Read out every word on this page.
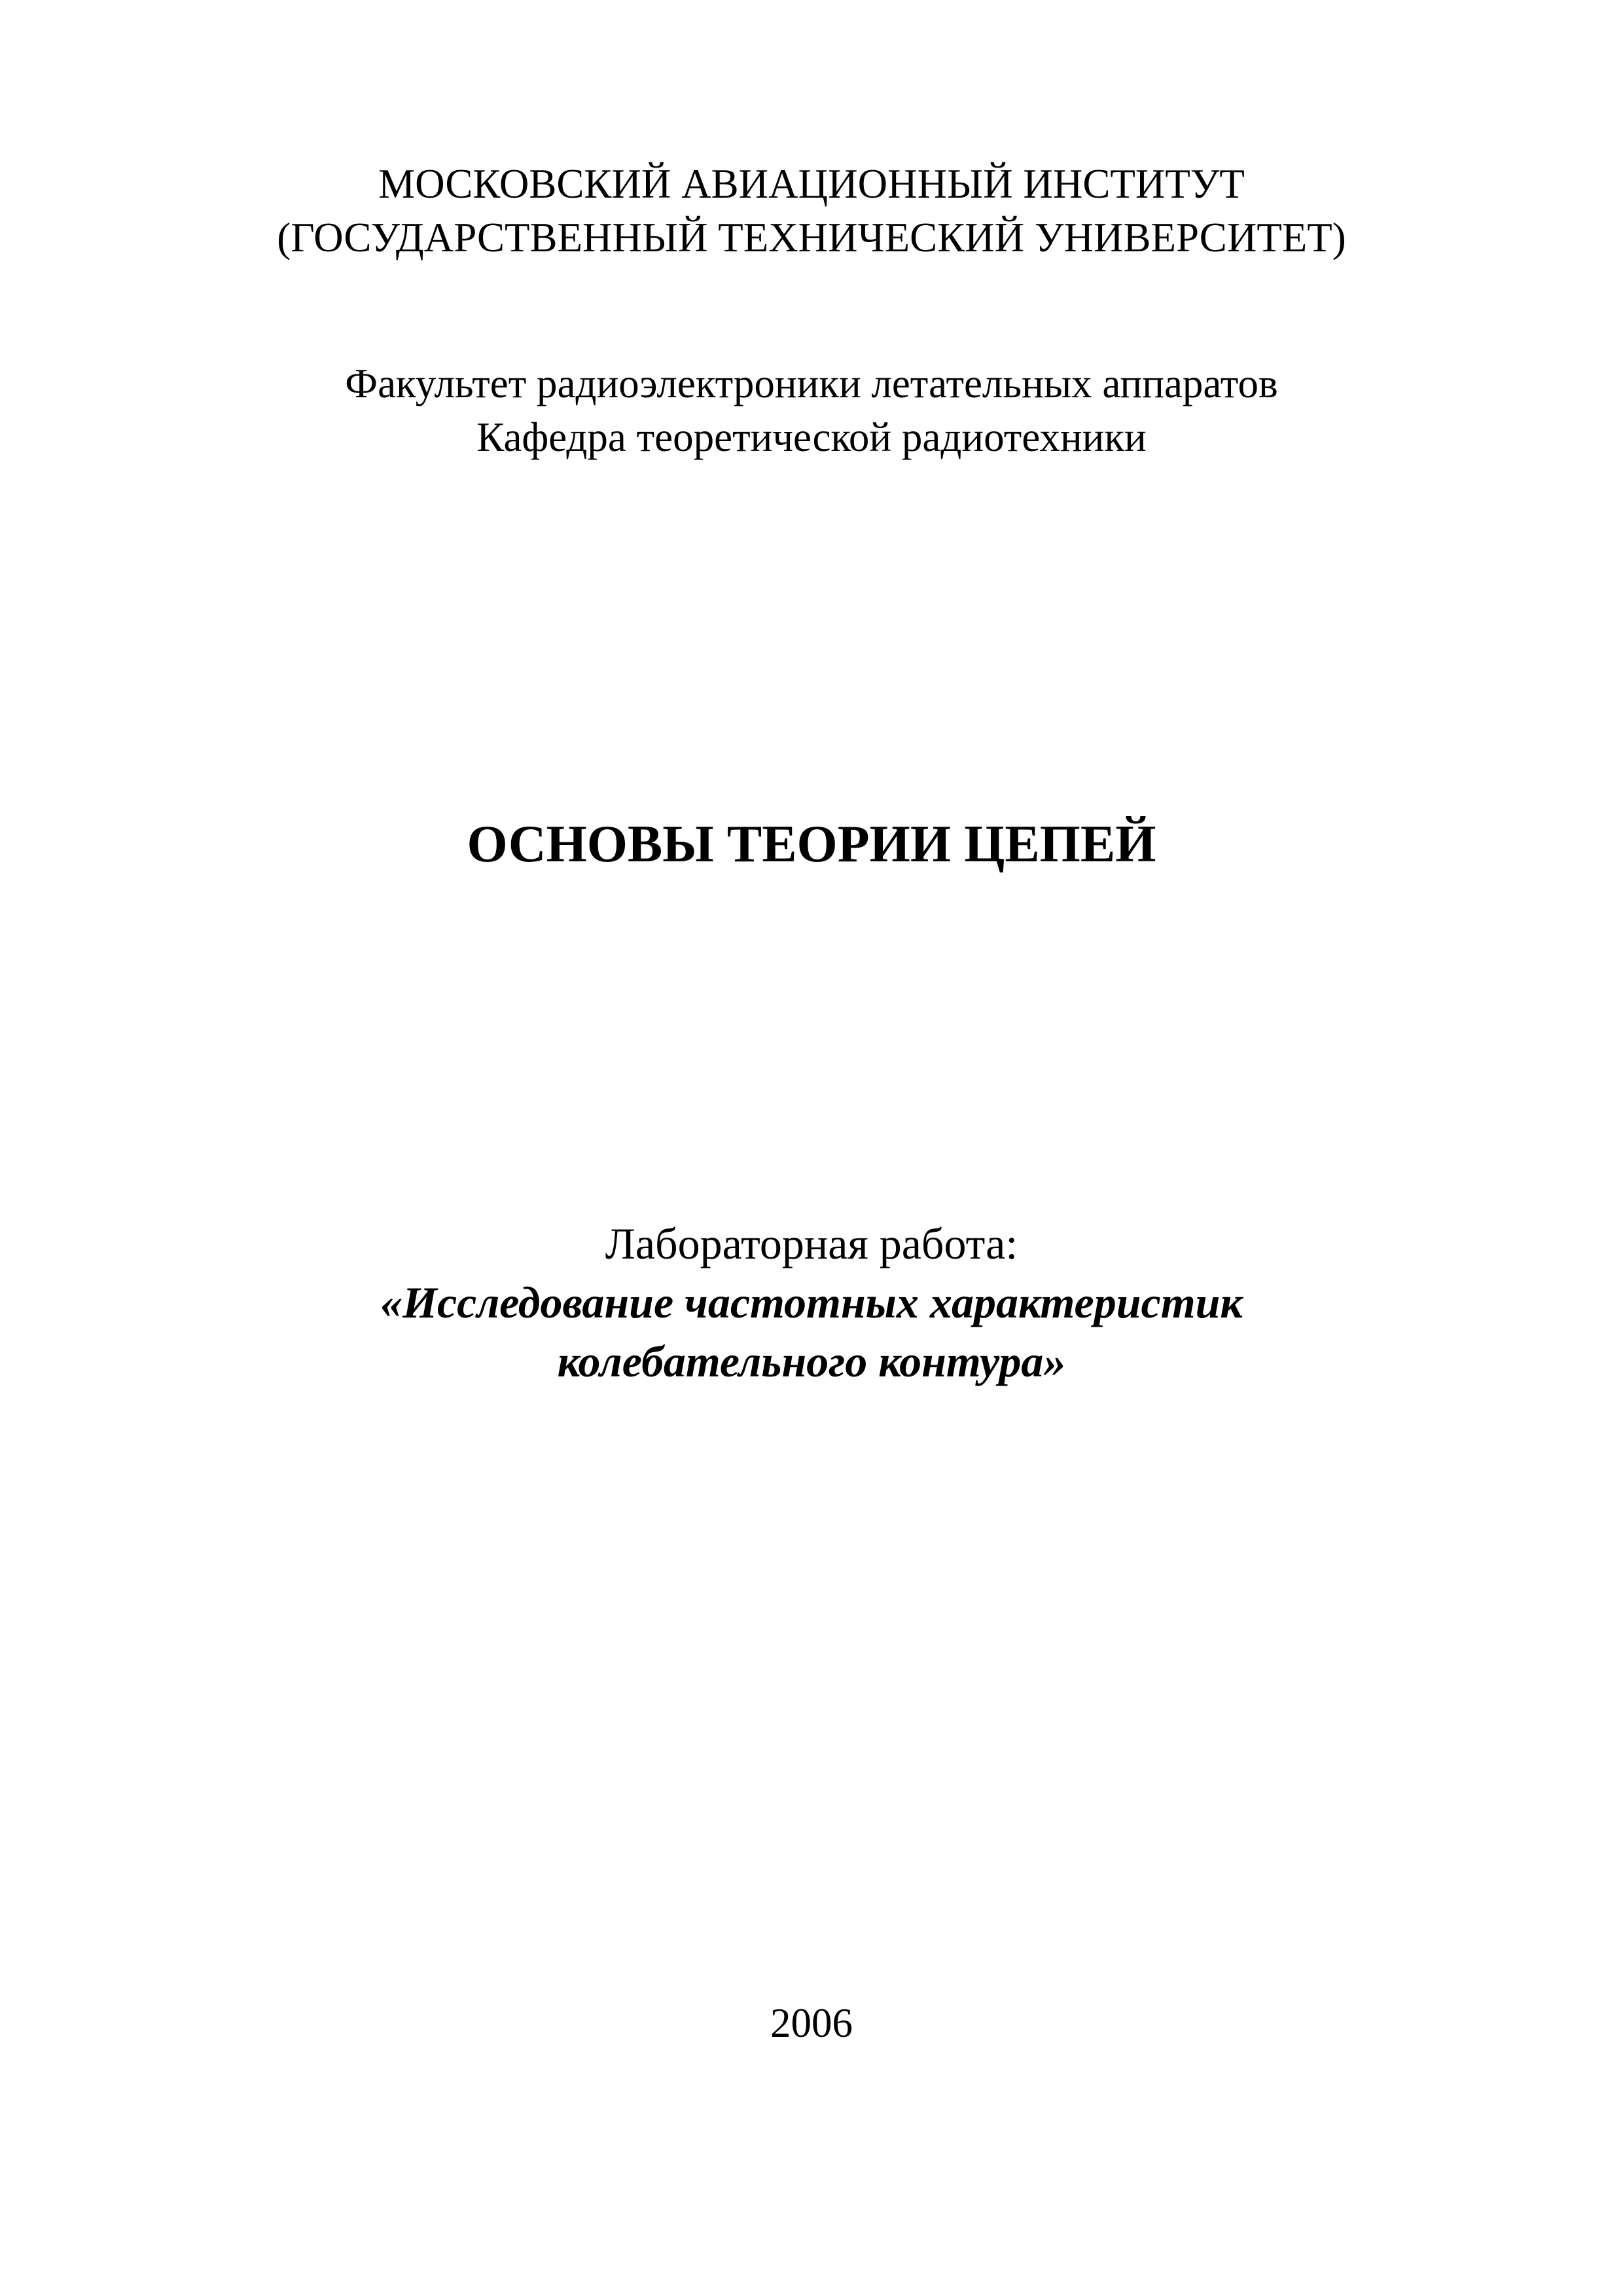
МОСКОВСКИЙ АВИАЦИОННЫЙ ИНСТИТУТ
(ГОСУДАРСТВЕННЫЙ ТЕХНИЧЕСКИЙ УНИВЕРСИТЕТ)
Факультет радиоэлектроники летательных аппаратов
Кафедра теоретической радиотехники
ОСНОВЫ ТЕОРИИ ЦЕПЕЙ
Лабораторная работа:
«Исследование частотных характеристик
колебательного контура»
2006
